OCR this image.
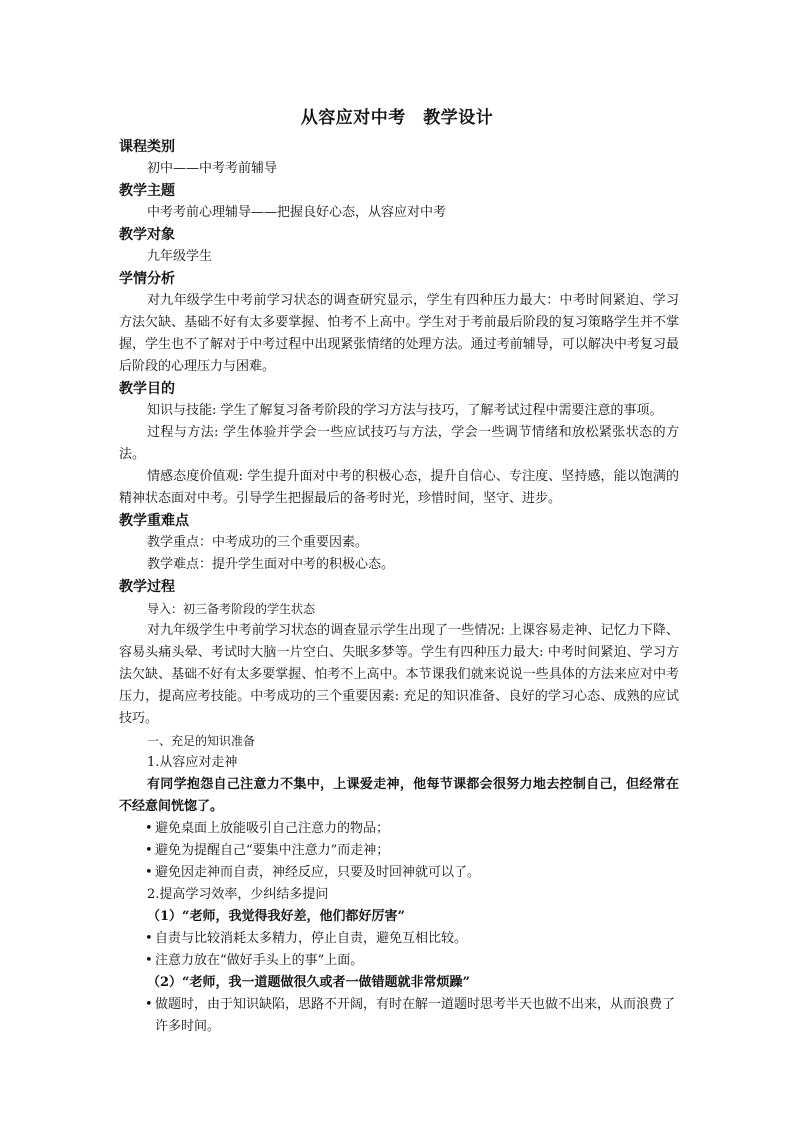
从容应对中考　教学设计
课程类别
初中——中考考前辅导
教学主题
中考考前心理辅导——把握良好心态，从容应对中考
教学对象
九年级学生
学情分析
对九年级学生中考前学习状态的调查研究显示，学生有四种压力最大：中考时间紧迫、学习方法欠缺、基础不好有太多要掌握、怕考不上高中。学生对于考前最后阶段的复习策略学生并不掌握，学生也不了解对于中考过程中出现紧张情绪的处理方法。通过考前辅导，可以解决中考复习最后阶段的心理压力与困难。
教学目的
知识与技能: 学生了解复习备考阶段的学习方法与技巧，了解考试过程中需要注意的事项。
过程与方法: 学生体验并学会一些应试技巧与方法，学会一些调节情绪和放松紧张状态的方法。
情感态度价值观: 学生提升面对中考的积极心态，提升自信心、专注度、坚持感，能以饱满的精神状态面对中考。引导学生把握最后的备考时光，珍惜时间，坚守、进步。
教学重难点
教学重点：中考成功的三个重要因素。
教学难点：提升学生面对中考的积极心态。
教学过程
导入：初三备考阶段的学生状态
对九年级学生中考前学习状态的调查显示学生出现了一些情况: 上课容易走神、记忆力下降、容易头痛头晕、考试时大脑一片空白、失眠多梦等。学生有四种压力最大: 中考时间紧迫、学习方法欠缺、基础不好有太多要掌握、怕考不上高中。本节课我们就来说说一些具体的方法来应对中考压力，提高应考技能。中考成功的三个重要因素: 充足的知识准备、良好的学习心态、成熟的应试技巧。
一、充足的知识准备
1.从容应对走神
有同学抱怨自己注意力不集中，上课爱走神，他每节课都会很努力地去控制自己，但经常在不经意间恍惚了。
• 避免桌面上放能吸引自己注意力的物品；
• 避免为提醒自己“要集中注意力”而走神；
• 避免因走神而自责，神经反应，只要及时回神就可以了。
2.提高学习效率，少纠结多提问
（1）“老师，我觉得我好差，他们都好厉害”
• 自责与比较消耗太多精力，停止自责，避免互相比较。
• 注意力放在“做好手头上的事”上面。
（2）“老师，我一道题做很久或者一做错题就非常烦躁”
• 做题时，由于知识缺陷，思路不开阔，有时在解一道题时思考半天也做不出来，从而浪费了许多时间。
